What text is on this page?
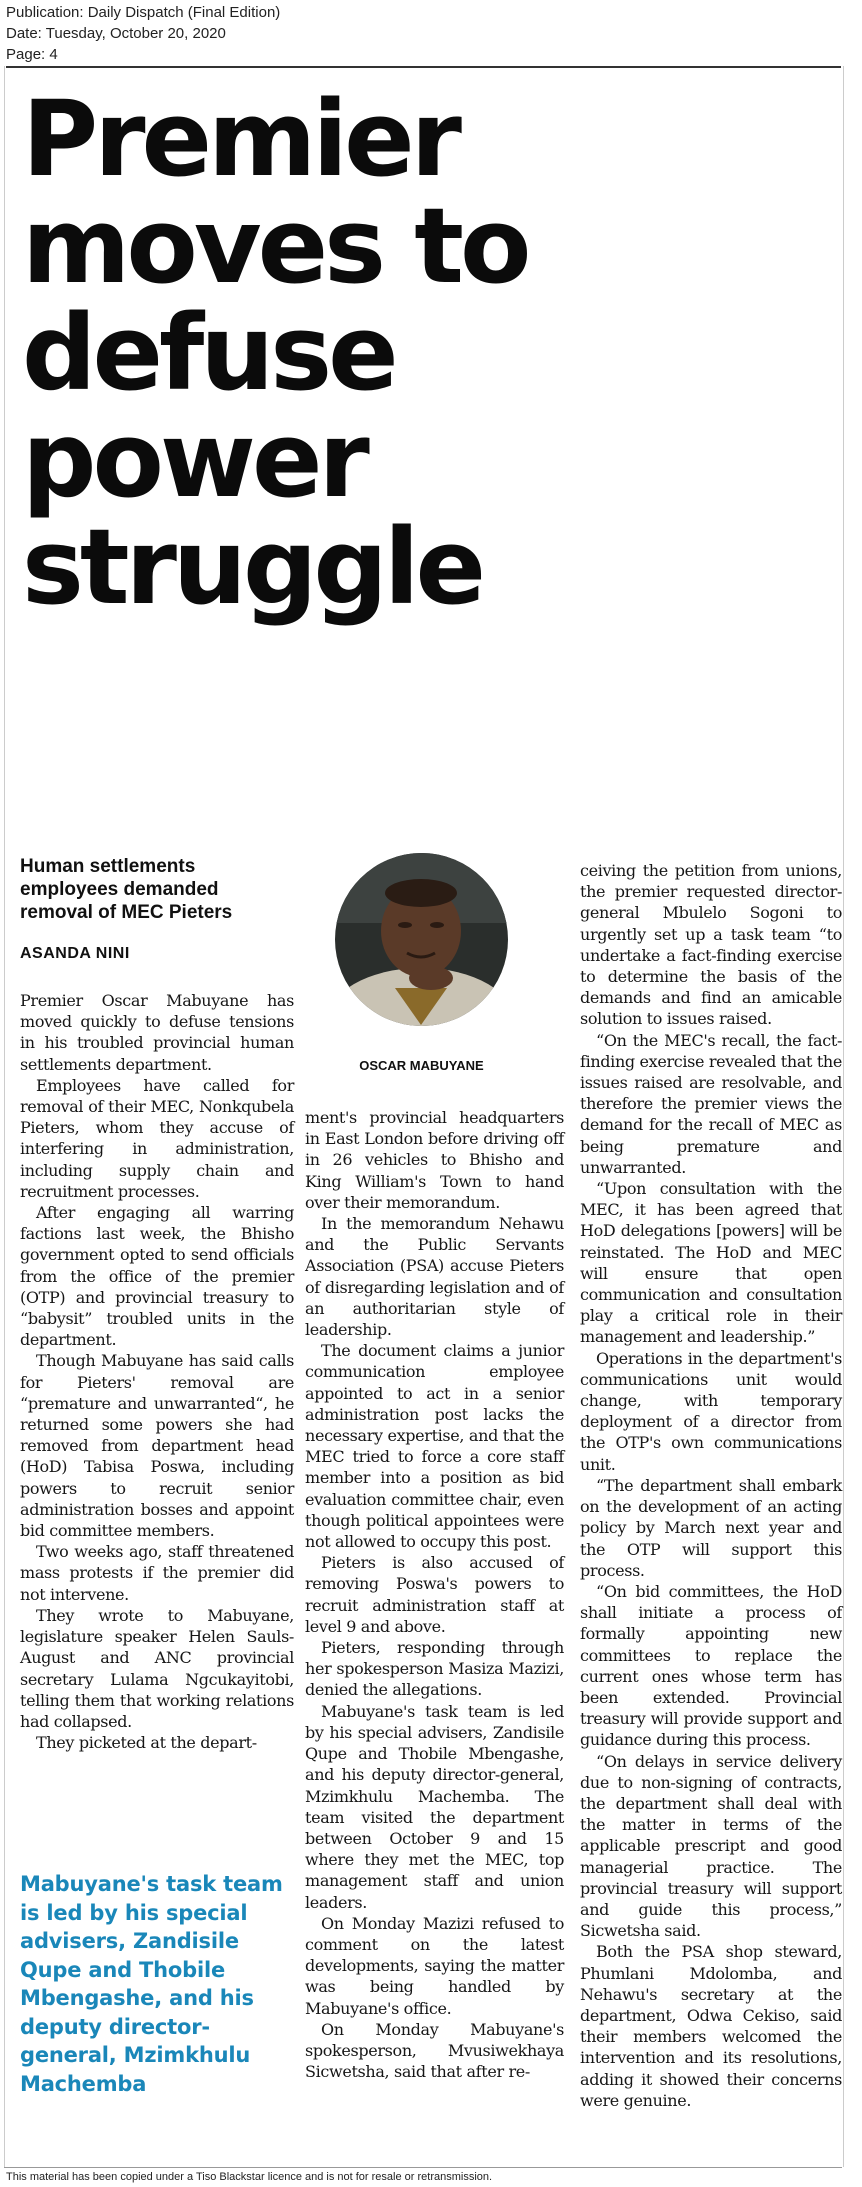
Publication: Daily Dispatch (Final Edition)
Date: Tuesday, October 20, 2020
Page: 4
Premier
moves to
defuse
power
struggle
Human settlements employees demanded removal of MEC Pieters
ASANDA NINI
OSCAR MABUYANE

Premier Oscar Mabuyane has moved quickly to defuse tensions in his troubled provincial human settlements department.

Employees have called for removal of their MEC, Nonkqubela Pieters, whom they accuse of interfering in administration, including supply chain and recruitment processes.

After engaging all warring factions last week, the Bhisho government opted to send officials from the office of the premier (OTP) and provincial treasury to “babysit” troubled units in the department.

Though Mabuyane has said calls for Pieters' removal are “premature and unwarranted“, he returned some powers she had removed from department head (HoD) Tabisa Poswa, including powers to recruit senior administration bosses and appoint bid committee members.

Two weeks ago, staff threatened mass protests if the premier did not intervene.

They wrote to Mabuyane, legislature speaker Helen Sauls-August and ANC provincial secretary Lulama Ngcukayitobi, telling them that working relations had collapsed.

They picketed at the depart-

Mabuyane's task team is led by his special advisers, Zandisile Qupe and Thobile Mbengashe, and his deputy director-general, Mzimkhulu Machemba

ment's provincial headquarters in East London before driving off in 26 vehicles to Bhisho and King William's Town to hand over their memorandum.

In the memorandum Nehawu and the Public Servants Association (PSA) accuse Pieters of disregarding legislation and of an authoritarian style of leadership.

The document claims a junior communication employee appointed to act in a senior administration post lacks the necessary expertise, and that the MEC tried to force a core staff member into a position as bid evaluation committee chair, even though political appointees were not allowed to occupy this post.

Pieters is also accused of removing Poswa's powers to recruit administration staff at level 9 and above.

Pieters, responding through her spokesperson Masiza Mazizi, denied the allegations.

Mabuyane's task team is led by his special advisers, Zandisile Qupe and Thobile Mbengashe, and his deputy director-general, Mzimkhulu Machemba. The team visited the department between October 9 and 15 where they met the MEC, top management staff and union leaders.

On Monday Mazizi refused to comment on the latest developments, saying the matter was being handled by Mabuyane's office.

On Monday Mabuyane's spokesperson, Mvusiwekhaya Sicwetsha, said that after re-

ceiving the petition from unions, the premier requested director-general Mbulelo Sogoni to urgently set up a task team “to undertake a fact-finding exercise to determine the basis of the demands and find an amicable solution to issues raised.

“On the MEC's recall, the fact-finding exercise revealed that the issues raised are resolvable, and therefore the premier views the demand for the recall of MEC as being premature and unwarranted.

“Upon consultation with the MEC, it has been agreed that HoD delegations [powers] will be reinstated. The HoD and MEC will ensure that open communication and consultation play a critical role in their management and leadership.”

Operations in the department's communications unit would change, with temporary deployment of a director from the OTP's own communications unit.

“The department shall embark on the development of an acting policy by March next year and the OTP will support this process.

“On bid committees, the HoD shall initiate a process of formally appointing new committees to replace the current ones whose term has been extended. Provincial treasury will provide support and guidance during this process.

“On delays in service delivery due to non-signing of contracts, the department shall deal with the matter in terms of the applicable prescript and good managerial practice. The provincial treasury will support and guide this process,” Sicwetsha said.

Both the PSA shop steward, Phumlani Mdolomba, and Nehawu's secretary at the department, Odwa Cekiso, said their members welcomed the intervention and its resolutions, adding it showed their concerns were genuine.

This material has been copied under a Tiso Blackstar licence and is not for resale or retransmission.
